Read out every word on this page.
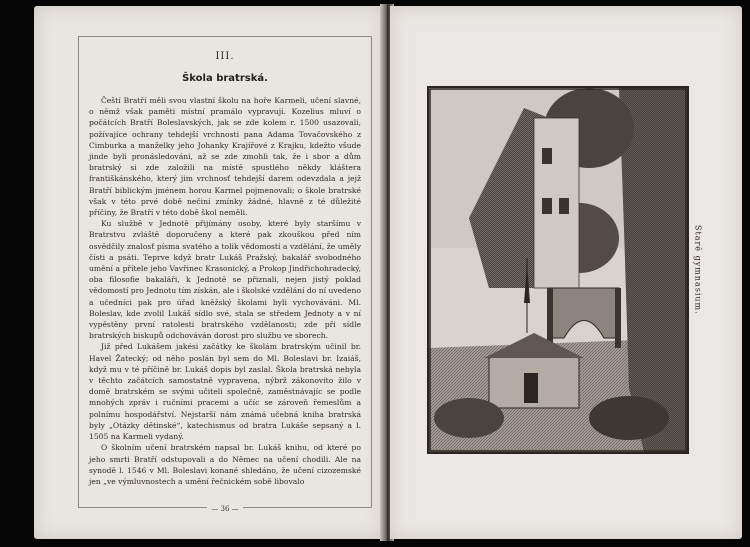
III.
Škola bratrská.

Čeští Bratří měli svou vlastní školu na hoře Karmeli, učení slavné, o němž však paměti místní pramálo vypravují. Kozelius mluví o počátcích Bratří Boleslavských, jak se zde kolem r. 1500 usazovali, požívajíce ochrany tehdejší vrchnosti pana Adama Tovačovského z Cimburka a manželky jeho Johanky Krajířové z Krajku, kdežto všude jinde byli pronásledováni, až se zde zmohli tak, že i sbor a dům bratrský si zde založili na místě spustlého někdy kláštera františkánského, který jim vrchnosť tehdejší darem odevzdala a jejž Bratří biblickým jménem horou Karmel pojmenovali; o škole bratrské však v této prvé době nečiní zmínky žádné, hlavně z té důležité příčiny, že Bratří v této době škol neměli.

Ku službě v Jednotě přijímány osoby, které byly staršímu v Bratrstvu zvláště doporučeny a které pak zkouškou před ním osvědčily znalosť písma svatého a tolik vědomostí a vzdělání, že uměly čísti a psáti. Teprve když bratr Lukáš Pražský, bakalář svobodného umění a přítele jeho Vavřinec Krasonický, a Prokop Jindřichohradecký, oba filosofie bakaláři, k Jednotě se přiznali, nejen jistý poklad vědomostí pro Jednotu tím získán, ale i školské vzdělání do ní uvedeno a učedníci pak pro úřad kněžský školami byli vychováváni. Ml. Boleslav, kde zvolil Lukáš sídlo své, stala se středem Jednoty a v ní vypěstěny první ratolesti bratrského vzdělanosti; zde při sídle bratrských biskupů odchováván dorost pro službu ve sborech.

Již před Lukášem jakési začátky ke školám bratrským učinil br. Havel Žatecký; od něho poslán byl sem do Ml. Boleslavi br. Izaiáš, když mu v té příčině br. Lukáš dopis byl zaslal. Škola bratrská nebyla v těchto začátcích samostatně vypravena, nýbrž zákonovito žilo v domě bratrském se svými učiteli společně, zaměstnávajíc se podle mnohých zpráv i ručními pracemi a učíc se zároveň řemeslům a polnímu hospodářství. Nejstarší nám známá učebná kniha bratrská byly „Otázky dětinské“, katechismus od bratra Lukáše sepsaný a l. 1505 na Karmeli vydaný.

O školním učení bratrském napsal br. Lukáš knihu, od které po jeho smrti Bratří odstupovali a do Němec na učení chodili. Ale na synodě l. 1546 v Ml. Boleslavi konané shledáno, že učení cizozemské jen „ve výmluvnostech a umění řečnickém sobě libovalo

— 36 —
Staré gymnasium.
